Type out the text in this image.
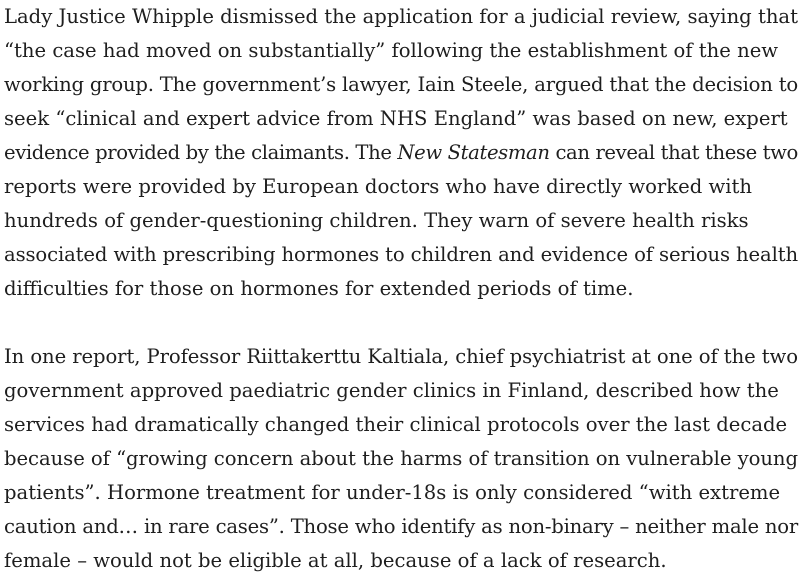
Lady Justice Whipple dismissed the application for a judicial review, saying that
“the case had moved on substantially” following the establishment of the new
working group. The government’s lawyer, Iain Steele, argued that the decision to
seek “clinical and expert advice from NHS England” was based on new, expert
evidence provided by the claimants. The New Statesman can reveal that these two
reports were provided by European doctors who have directly worked with
hundreds of gender-questioning children. They warn of severe health risks
associated with prescribing hormones to children and evidence of serious health
difficulties for those on hormones for extended periods of time.

In one report, Professor Riittakerttu Kaltiala, chief psychiatrist at one of the two
government approved paediatric gender clinics in Finland, described how the
services had dramatically changed their clinical protocols over the last decade
because of “growing concern about the harms of transition on vulnerable young
patients”. Hormone treatment for under-18s is only considered “with extreme
caution and… in rare cases”. Those who identify as non-binary – neither male nor
female – would not be eligible at all, because of a lack of research.
